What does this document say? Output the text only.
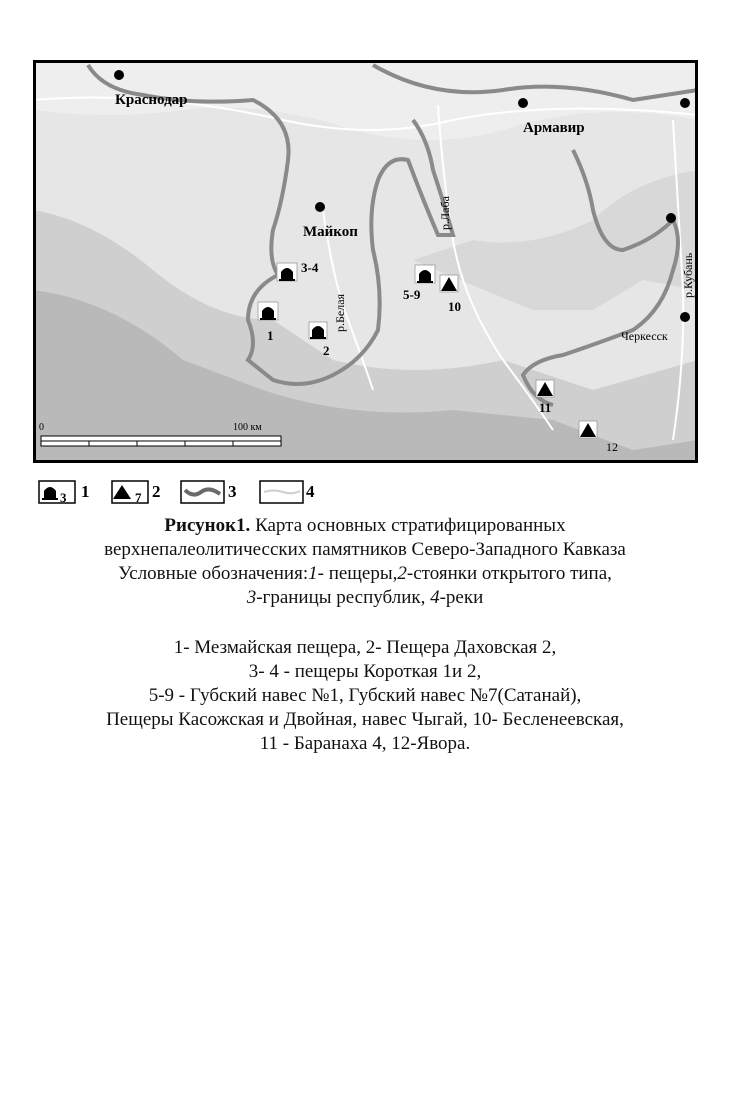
Краснодар
Армавир
Майкоп
Черкесск
р.Лаба
р.Белая
р.Кубань
3-4
1
2
5-9
10
11
12
0	100 км
3 1	7 2	3	4
Рисунок1. Карта основных стратифицированных
верхнепалеолитичесских памятников Северо-Западного Кавказа
Условные обозначения:1- пещеры,2-стоянки открытого типа,
3-границы республик, 4-реки
1- Мезмайская пещера, 2- Пещера Даховская 2,
3- 4 - пещеры Короткая 1и 2,
5-9 - Губский навес №1, Губский навес №7(Сатанай),
Пещеры Касожская и Двойная, навес Чыгай, 10- Бесленеевская,
11 - Баранаха 4, 12-Явора.
